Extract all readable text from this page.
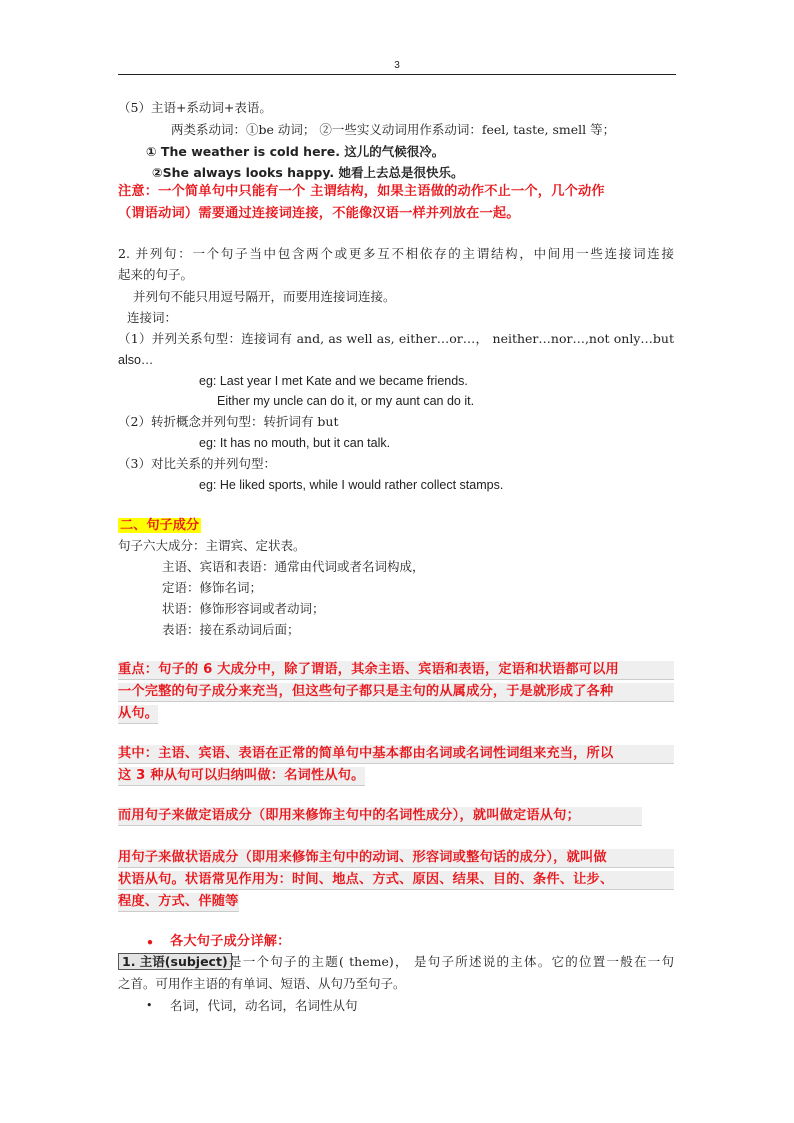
3
（5）主语+系动词+表语。
两类系动词：①be 动词； ②一些实义动词用作系动词：feel, taste, smell 等；
① The weather is cold here. 这儿的气候很冷。
②She always looks happy. 她看上去总是很快乐。
注意：一个简单句中只能有一个 主谓结构，如果主语做的动作不止一个，几个动作
（谓语动词）需要通过连接词连接，不能像汉语一样并列放在一起。
2. 并列句：一个句子当中包含两个或更多互不相依存的主谓结构，中间用一些连接词连接
起来的句子。
并列句不能只用逗号隔开，而要用连接词连接。
连接词：
（1）并列关系句型：连接词有 and, as well as, either…or…， neither…nor…,not only…but
also…
eg: Last year I met Kate and we became friends.
Either my uncle can do it, or my aunt can do it.
（2）转折概念并列句型：转折词有 but
eg: It has no mouth, but it can talk.
（3）对比关系的并列句型：
eg: He liked sports, while I would rather collect stamps.
二、句子成分
句子六大成分：主谓宾、定状表。
主语、宾语和表语：通常由代词或者名词构成，
定语：修饰名词；
状语：修饰形容词或者动词；
表语：接在系动词后面；
重点：句子的 6 大成分中，除了谓语，其余主语、宾语和表语，定语和状语都可以用
一个完整的句子成分来充当，但这些句子都只是主句的从属成分，于是就形成了各种
从句。
其中：主语、宾语、表语在正常的简单句中基本都由名词或名词性词组来充当，所以
这 3 种从句可以归纳叫做：名词性从句。
而用句子来做定语成分（即用来修饰主句中的名词性成分），就叫做定语从句；
用句子来做状语成分（即用来修饰主句中的动词、形容词或整句话的成分），就叫做
状语从句。状语常见作用为：时间、地点、方式、原因、结果、目的、条件、让步、
程度、方式、伴随等
• 各大句子成分详解：
1. 主语(subject) 是一个句子的主题( theme)， 是句子所述说的主体。它的位置一般在一句
之首。可用作主语的有单词、短语、从句乃至句子。
• 名词，代词，动名词，名词性从句
